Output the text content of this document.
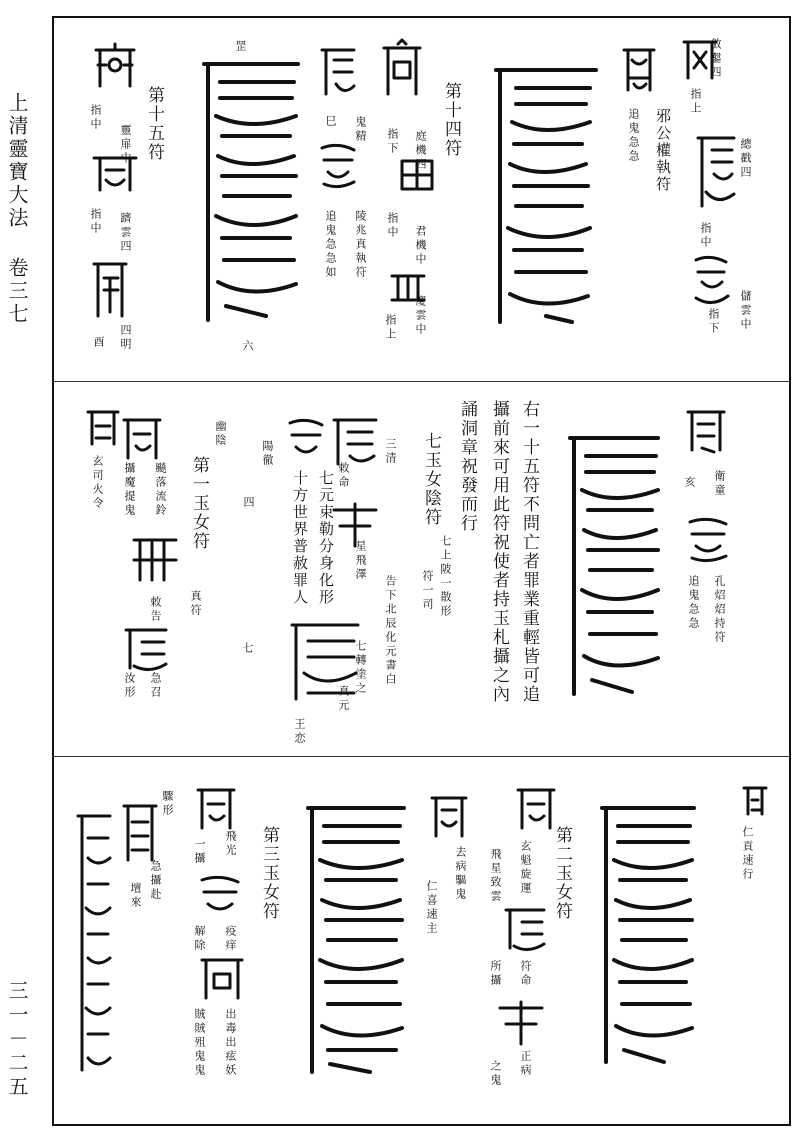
上清靈寶大法 卷三七
三一－二五
追鬼急急 邪公權執符
斂鑿四
指上
總戳四
指中
儲雲中
指下
第十四符
罡
庭機四
君機中
指下
指中
慶雲中
指上
陵兆真執符
追鬼急急如
鬼精
巳
六
第十五符
靈扉中
指中
躋雲四
指中
四明
酉
衛童
亥
孔炤炤持符
追鬼急急
右一十五符不問亡者罪業重輕皆可追
攝前來可用此符祝使者持玉札攝之內
誦洞章祝發而行
七玉女陰符
七上陂一散形
符一司
三清
敕命
告下北辰化元書白
星飛澤
七轉塗之
真元
七元束勒分身化形
十方世界普赦罪人
王恋
七
陽徹
幽陰
四
第一玉女符
飈落流鈴
真符
攝魔提鬼
敕告
急召
汝形
玄司火令
仁貢速行
第二玉女符
玄魁旋運
飛星致雲
符命
所攝
正病
之鬼
去病驅鬼
仁喜速主
第三玉女符
飛光
一攝
疫痒
解除
出毒出痃妖
賊賊殂鬼鬼
驟形
急攝赴
壇來
